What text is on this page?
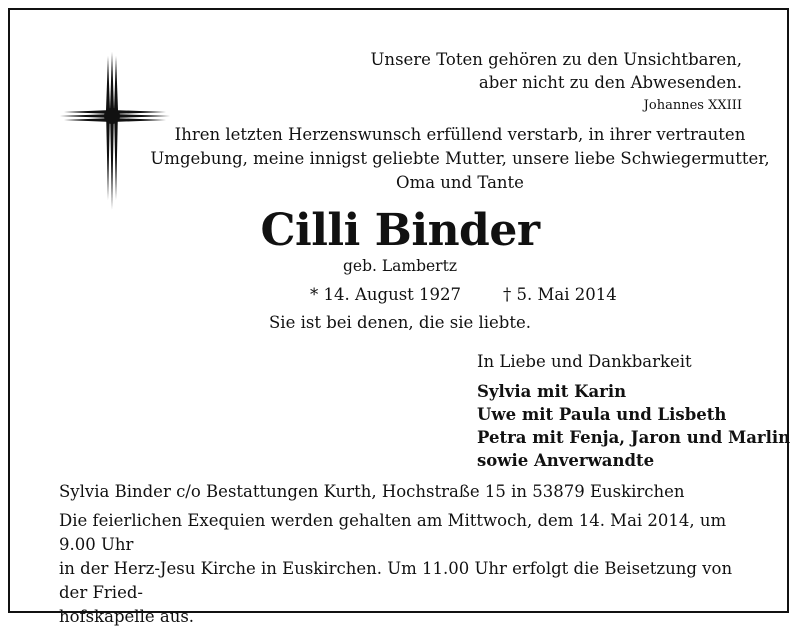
Unsere Toten gehören zu den Unsichtbaren,
aber nicht zu den Abwesenden.
Johannes XXIII
Ihren letzten Herzenswunsch erfüllend verstarb, in ihrer vertrauten
Umgebung, meine innigst geliebte Mutter, unsere liebe Schwiegermutter,
Oma und Tante
Cilli Binder
geb. Lambertz
* 14. August 1927	† 5. Mai 2014
Sie ist bei denen, die sie liebte.
In Liebe und Dankbarkeit
Sylvia mit Karin
Uwe mit Paula und Lisbeth
Petra mit Fenja, Jaron und Marlin
sowie Anverwandte
Sylvia Binder c/o Bestattungen Kurth, Hochstraße 15 in 53879 Euskirchen
Die feierlichen Exequien werden gehalten am Mittwoch, dem 14. Mai 2014, um 9.00 Uhr
in der Herz-Jesu Kirche in Euskirchen. Um 11.00 Uhr erfolgt die Beisetzung von der Fried-
hofskapelle aus.
